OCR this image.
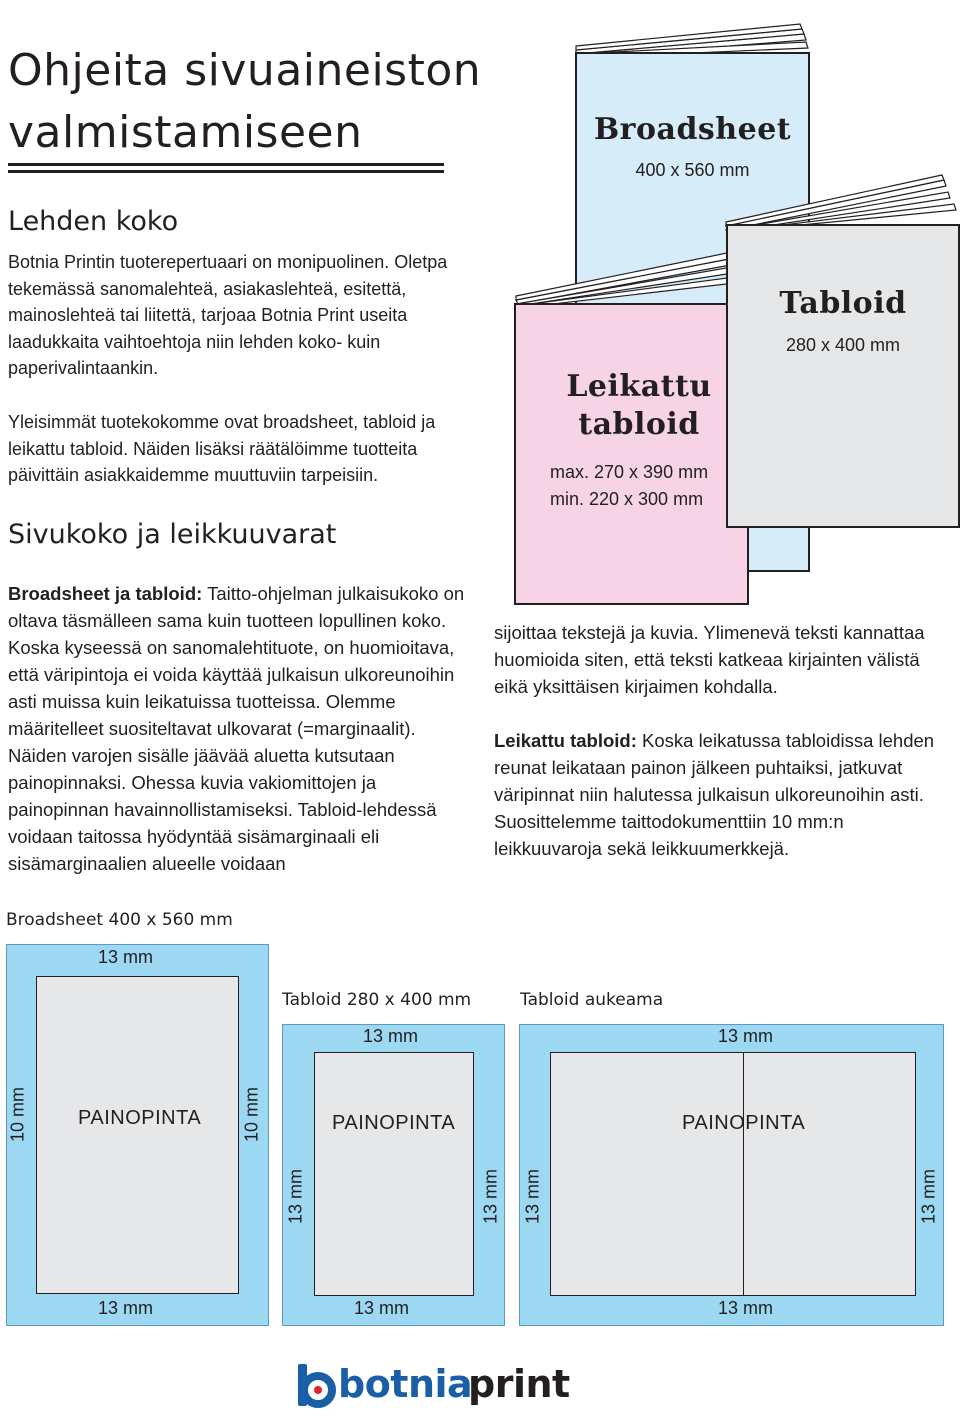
Ohjeita sivuaineiston
valmistamiseen
Lehden koko

Botnia Printin tuoterepertuaari on monipuolinen. Oletpa tekemässä sanomalehteä, asiakaslehteä, esitettä, mainoslehteä tai liitettä, tarjoaa Botnia Print useita laadukkaita vaihtoehtoja niin lehden koko- kuin paperivalintaankin.

Yleisimmät tuotekokomme ovat broadsheet, tabloid ja leikattu tabloid. Näiden lisäksi räätälöimme tuotteita päivittäin asiakkaidemme muuttuviin tarpeisiin.

Sivukoko ja leikkuuvarat

Broadsheet ja tabloid: Taitto-ohjelman julkaisukoko on oltava täsmälleen sama kuin tuotteen lopullinen koko. Koska kyseessä on sanomalehtituote, on huomioitava, että väripintoja ei voida käyttää julkaisun ulkoreunoihin asti muissa kuin leikatuissa tuotteissa. Olemme määritelleet suositeltavat ulkovarat (=marginaalit). Näiden varojen sisälle jäävää aluetta kutsutaan painopinnaksi. Ohessa kuvia vakiomittojen ja painopinnan havainnollistamiseksi. Tabloid-lehdessä voidaan taitossa hyödyntää sisämarginaali eli sisämarginaalien alueelle voidaan

sijoittaa tekstejä ja kuvia. Ylimenevä teksti kannattaa huomioida siten, että teksti katkeaa kirjainten välistä eikä yksittäisen kirjaimen kohdalla.

Leikattu tabloid: Koska leikatussa tabloidissa lehden reunat leikataan painon jälkeen puhtaiksi, jatkuvat väripinnat niin halutessa julkaisun ulkoreunoihin asti. Suosittelemme taittodokumenttiin 10 mm:n leikkuuvaroja sekä leikkuumerkkejä.

Broadsheet
400 x 560 mm
Leikattu
tabloid
max. 270 x 390 mm
min. 220 x 300 mm
Tabloid
280 x 400 mm
Broadsheet 400 x 560 mm
13 mm
13 mm
10 mm	10 mm
PAINOPINTA
Tabloid 280 x 400 mm
13 mm
13 mm
13 mm	13 mm
PAINOPINTA
Tabloid aukeama
13 mm
13 mm
13 mm	13 mm
PAINOPINTA
botnia
print
